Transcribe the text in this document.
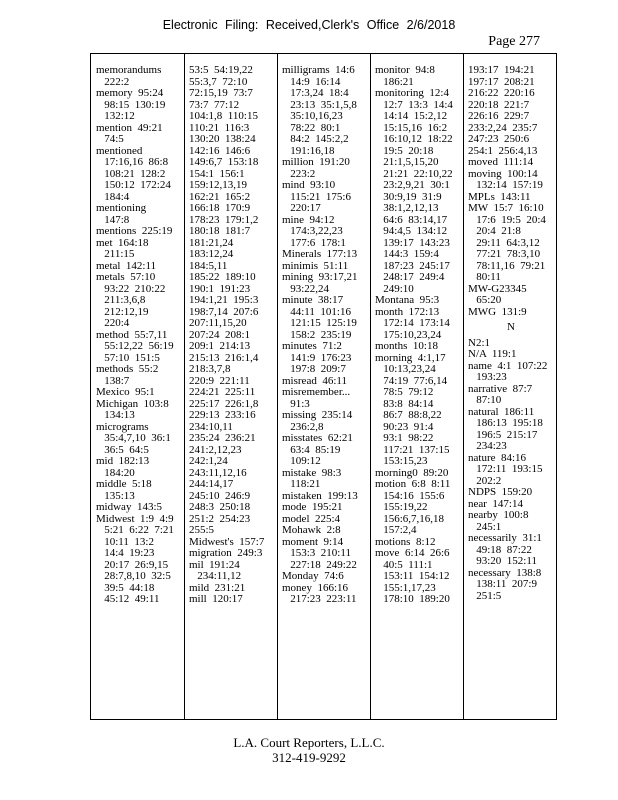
Electronic Filing: Received,Clerk's Office 2/6/2018
Page 277
memorandums
222:2
memory  95:24
98:15  130:19
132:12
mention  49:21
74:5
mentioned
17:16,16  86:8
108:21  128:2
150:12  172:24
184:4
mentioning
147:8
mentions  225:19
met  164:18
211:15
metal  142:11
metals  57:10
93:22  210:22
211:3,6,8
212:12,19
220:4
method  55:7,11
55:12,22  56:19
57:10  151:5
methods  55:2
138:7
Mexico  95:1
Michigan  103:8
134:13
micrograms
35:4,7,10  36:1
36:5  64:5
mid  182:13
184:20
middle  5:18
135:13
midway  143:5
Midwest  1:9  4:9
5:21  6:22  7:21
10:11  13:2
14:4  19:23
20:17  26:9,15
28:7,8,10  32:5
39:5  44:18
45:12  49:11
53:5  54:19,22
55:3,7  72:10
72:15,19  73:7
73:7  77:12
104:1,8  110:15
110:21  116:3
130:20  138:24
142:16  146:6
149:6,7  153:18
154:1  156:1
159:12,13,19
162:21  165:2
166:18  170:9
178:23  179:1,2
180:18  181:7
181:21,24
183:12,24
184:5,11
185:22  189:10
190:1  191:23
194:1,21  195:3
198:7,14  207:6
207:11,15,20
207:24  208:1
209:1  214:13
215:13  216:1,4
218:3,7,8
220:9  221:11
224:21  225:11
225:17  226:1,8
229:13  233:16
234:10,11
235:24  236:21
241:2,12,23
242:1,24
243:11,12,16
244:14,17
245:10  246:9
248:3  250:18
251:2  254:23
255:5
Midwest's  157:7
migration  249:3
mil  191:24
234:11,12
mild  231:21
mill  120:17
milligrams  14:6
14:9  16:14
17:3,24  18:4
23:13  35:1,5,8
35:10,16,23
78:22  80:1
84:2  145:2,2
191:16,18
million  191:20
223:2
mind  93:10
115:21  175:6
220:17
mine  94:12
174:3,22,23
177:6  178:1
Minerals  177:13
minimis  51:11
mining  93:17,21
93:22,24
minute  38:17
44:11  101:16
121:15  125:19
158:2  235:19
minutes  71:2
141:9  176:23
197:8  209:7
misread  46:11
misremember...
91:3
missing  235:14
236:2,8
misstates  62:21
63:4  85:19
109:12
mistake  98:3
118:21
mistaken  199:13
mode  195:21
model  225:4
Mohawk  2:8
moment  9:14
153:3  210:11
227:18  249:22
Monday  74:6
money  166:16
217:23  223:11
monitor  94:8
186:21
monitoring  12:4
12:7  13:3  14:4
14:14  15:2,12
15:15,16  16:2
16:10,12  18:22
19:5  20:18
21:1,5,15,20
21:21  22:10,22
23:2,9,21  30:1
30:9,19  31:9
38:1,2,12,13
64:6  83:14,17
94:4,5  134:12
139:17  143:23
144:3  159:4
187:23  245:17
248:17  249:4
249:10
Montana  95:3
month  172:13
172:14  173:14
175:10,23,24
months  10:18
morning  4:1,17
10:13,23,24
74:19  77:6,14
78:5  79:12
83:8  84:14
86:7  88:8,22
90:23  91:4
93:1  98:22
117:21  137:15
153:15,23
morning0  89:20
motion  6:8  8:11
154:16  155:6
155:19,22
156:6,7,16,18
157:2,4
motions  8:12
move  6:14  26:6
40:5  111:1
153:11  154:12
155:1,17,23
178:10  189:20
193:17  194:21
197:17  208:21
216:22  220:16
220:18  221:7
226:16  229:7
233:2,24  235:7
247:23  250:6
254:1  256:4,13
moved  111:14
moving  100:14
132:14  157:19
MPLs  143:11
MW  15:7  16:10
17:6  19:5  20:4
20:4  21:8
29:11  64:3,12
77:21  78:3,10
78:11,16  79:21
80:11
MW-G23345
65:20
MWG  131:9
N
N2:1
N/A  119:1
name  4:1  107:22
193:23
narrative  87:7
87:10
natural  186:11
186:13  195:18
196:5  215:17
234:23
nature  84:16
172:11  193:15
202:2
NDPS  159:20
near  147:14
nearby  100:8
245:1
necessarily  31:1
49:18  87:22
93:20  152:11
necessary  138:8
138:11  207:9
251:5
L.A. Court Reporters, L.L.C.
312-419-9292
